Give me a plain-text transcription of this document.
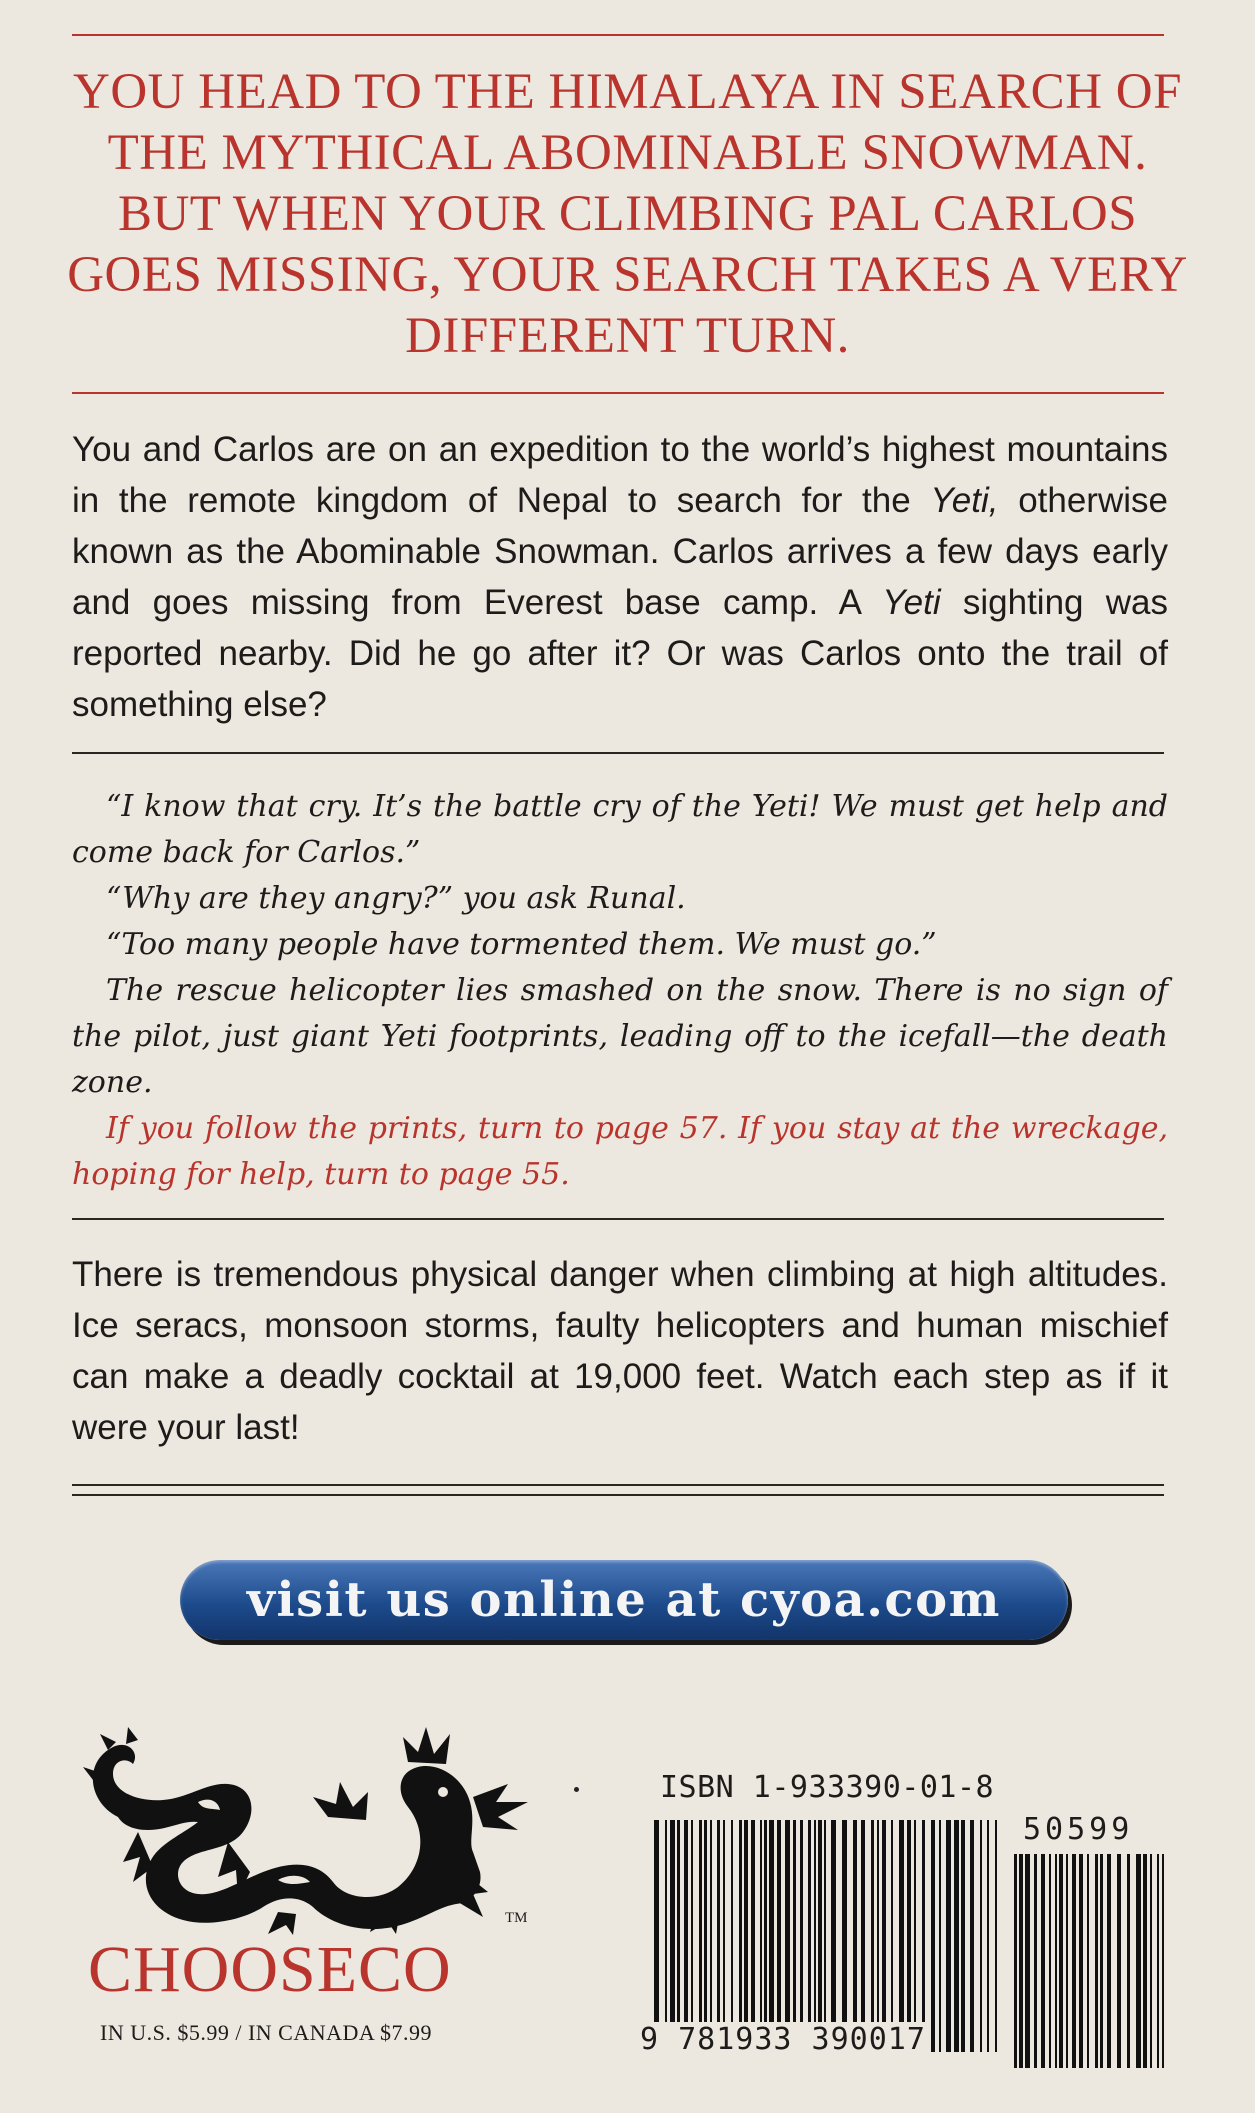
YOU HEAD TO THE HIMALAYA IN SEARCH OF THE MYTHICAL ABOMINABLE SNOWMAN. BUT WHEN YOUR CLIMBING PAL CARLOS GOES MISSING, YOUR SEARCH TAKES A VERY DIFFERENT TURN.

You and Carlos are on an expedition to the world’s highest mountains in the remote kingdom of Nepal to search for the Yeti, otherwise known as the Abominable Snowman. Carlos arrives a few days early and goes missing from Everest base camp. A Yeti sighting was reported nearby. Did he go after it? Or was Carlos onto the trail of something else?

“I know that cry. It’s the battle cry of the Yeti! We must get help and come back for Carlos.”

“Why are they angry?” you ask Runal.

“Too many people have tormented them. We must go.”

The rescue helicopter lies smashed on the snow. There is no sign of the pilot, just giant Yeti footprints, leading off to the icefall—the death zone.

If you follow the prints, turn to page 57. If you stay at the wreckage, hoping for help, turn to page 55.

There is tremendous physical danger when climbing at high altitudes. Ice seracs, monsoon storms, faulty helicopters and human mischief can make a deadly cocktail at 19,000 feet. Watch each step as if it were your last!

visit us online at cyoa.com
TM
CHOOSECO
IN U.S. $5.99 / IN CANADA $7.99
ISBN 1-933390-01-8
50599
9 781933 390017
